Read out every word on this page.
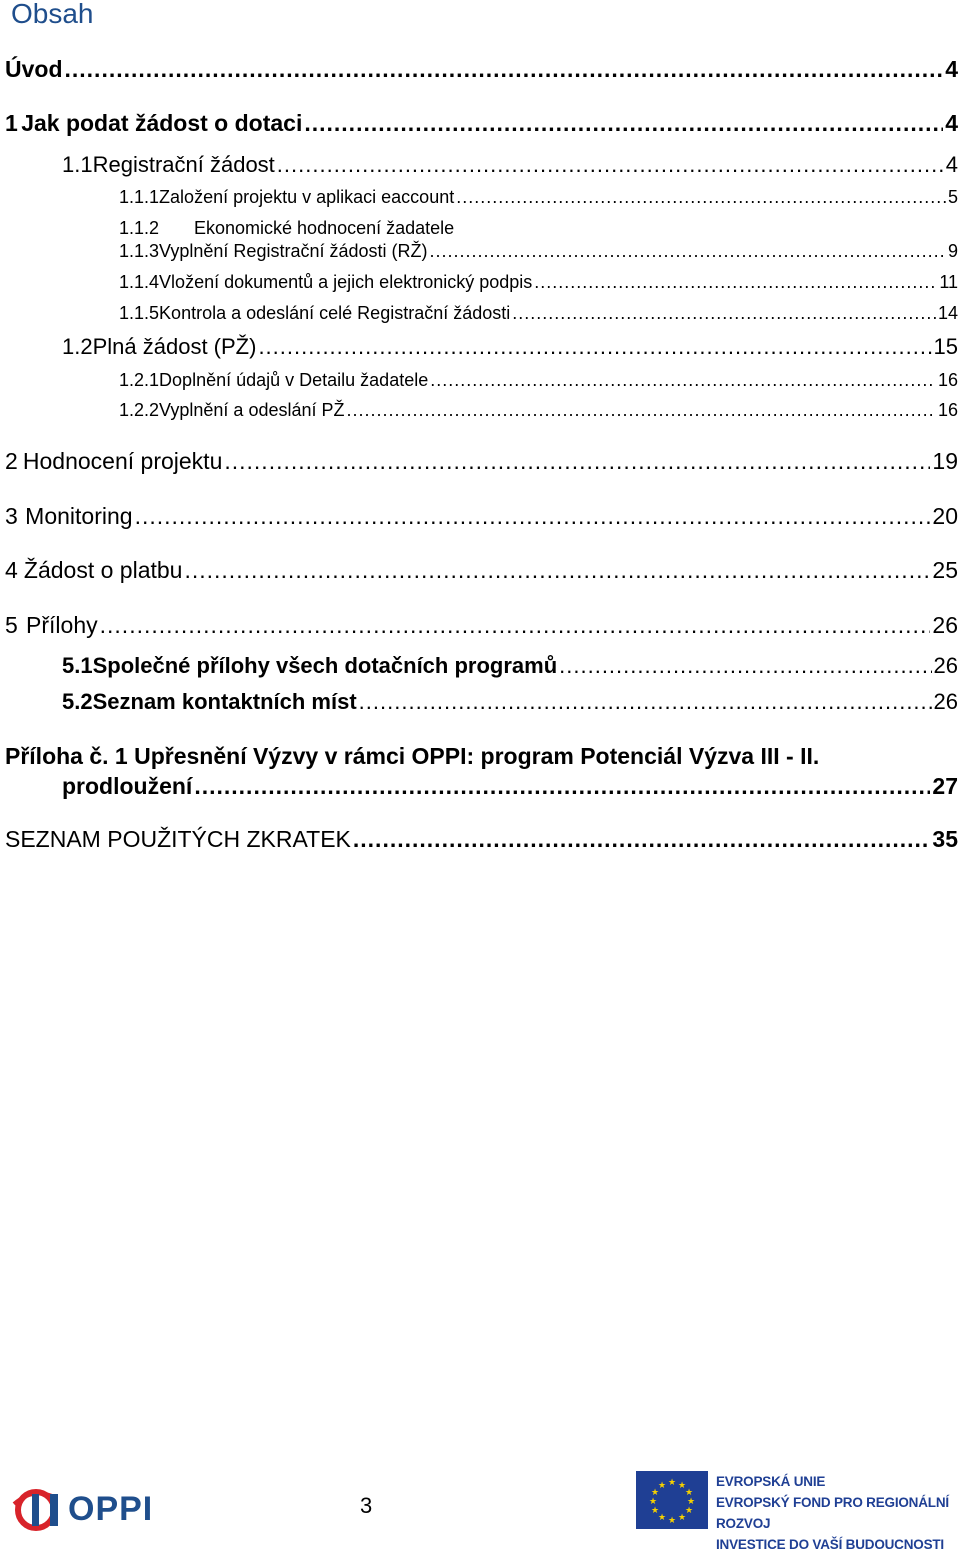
Obsah
Úvod .....	4
1 Jak podat žádost o dotaci .....	4
1.1 Registrační žádost .....	4
1.1.1 Založení projektu v aplikaci eaccount .....	5
1.1.2	Ekonomické hodnocení žadatele
1.1.3 Vyplnění Registrační žádosti (RŽ) .....	9
1.1.4 Vložení dokumentů a jejich elektronický podpis .....	11
1.1.5 Kontrola a odeslání celé Registrační žádosti .....	14
1.2 Plná žádost (PŽ) .....	15
1.2.1 Doplnění údajů v Detailu žadatele .....	16
1.2.2 Vyplnění a odeslání PŽ .....	16
2 Hodnocení projektu .....	19
3 Monitoring .....	20
4 Žádost o platbu .....	25
5 Přílohy .....	26
5.1 Společné přílohy všech dotačních programů .....	26
5.2 Seznam kontaktních míst .....	26
Příloha č. 1 Upřesnění Výzvy v rámci OPPI: program Potenciál Výzva III - II.
prodloužení .....	27
SEZNAM POUŽITÝCH ZKRATEK .....	35
OPPI	3
★ ★
★
★
★
★
★
★
★
★
★
★	EVROPSKÁ UNIE
EVROPSKÝ FOND PRO REGIONÁLNÍ ROZVOJ
INVESTICE DO VAŠÍ BUDOUCNOSTI
